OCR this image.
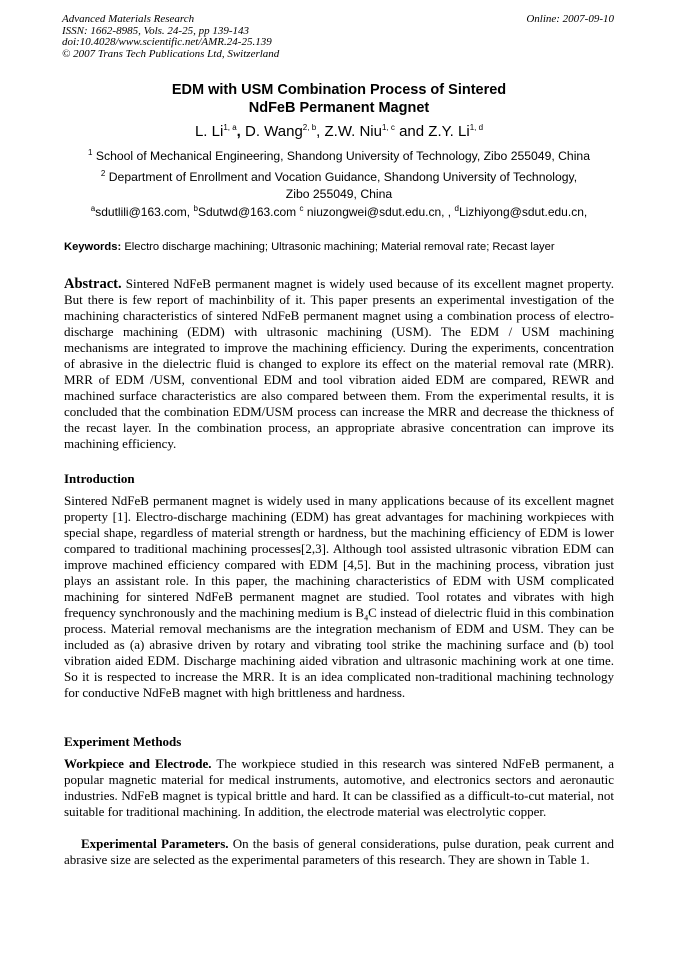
Advanced Materials Research
ISSN: 1662-8985, Vols. 24-25, pp 139-143
doi:10.4028/www.scientific.net/AMR.24-25.139
© 2007 Trans Tech Publications Ltd, Switzerland
Online: 2007-09-10
EDM with USM Combination Process of Sintered
NdFeB Permanent Magnet
L. Li$^{1, a}$, D. Wang$^{2, b}$, Z.W. Niu$^{1, c}$ and Z.Y. Li$^{1, d}$
$^1$ School of Mechanical Engineering, Shandong University of Technology, Zibo 255049, China
$^2$ Department of Enrollment and Vocation Guidance, Shandong University of Technology,
Zibo 255049, China
$^a$sdutlili@163.com, $^b$Sdutwd@163.com $^c$ niuzongwei@sdut.edu.cn, , $^d$Lizhiyong@sdut.edu.cn,
Keywords: Electro discharge machining; Ultrasonic machining; Material removal rate; Recast layer
Abstract. Sintered NdFeB permanent magnet is widely used because of its excellent magnet property. But there is few report of machinbility of it. This paper presents an experimental investigation of the machining characteristics of sintered NdFeB permanent magnet using a combination process of electro-discharge machining (EDM) with ultrasonic machining (USM). The EDM / USM machining mechanisms are integrated to improve the machining efficiency. During the experiments, concentration of abrasive in the dielectric fluid is changed to explore its effect on the material removal rate (MRR). MRR of EDM /USM, conventional EDM and tool vibration aided EDM are compared, REWR and machined surface characteristics are also compared between them. From the experimental results, it is concluded that the combination EDM/USM process can increase the MRR and decrease the thickness of the recast layer. In the combination process, an appropriate abrasive concentration can improve its machining efficiency.
Introduction
Sintered NdFeB permanent magnet is widely used in many applications because of its excellent magnet property [1]. Electro-discharge machining (EDM) has great advantages for machining workpieces with special shape, regardless of material strength or hardness, but the machining efficiency of EDM is lower compared to traditional machining processes[2,3]. Although tool assisted ultrasonic vibration EDM can improve machined efficiency compared with EDM [4,5]. But in the machining process, vibration just plays an assistant role. In this paper, the machining characteristics of EDM with USM complicated machining for sintered NdFeB permanent magnet are studied. Tool rotates and vibrates with high frequency synchronously and the machining medium is $B_4C$ instead of dielectric fluid in this combination process. Material removal mechanisms are the integration mechanism of EDM and USM. They can be included as (a) abrasive driven by rotary and vibrating tool strike the machining surface and (b) tool vibration aided EDM. Discharge machining aided vibration and ultrasonic machining work at one time. So it is respected to increase the MRR. It is an idea complicated non-traditional machining technology for conductive NdFeB magnet with high brittleness and hardness.
Experiment Methods
Workpiece and Electrode. The workpiece studied in this research was sintered NdFeB permanent, a popular magnetic material for medical instruments, automotive, and electronics sectors and aeronautic industries. NdFeB magnet is typical brittle and hard. It can be classified as a difficult-to-cut material, not suitable for traditional machining. In addition, the electrode material was electrolytic copper.
Experimental Parameters. On the basis of general considerations, pulse duration, peak current and abrasive size are selected as the experimental parameters of this research. They are shown in Table 1.
